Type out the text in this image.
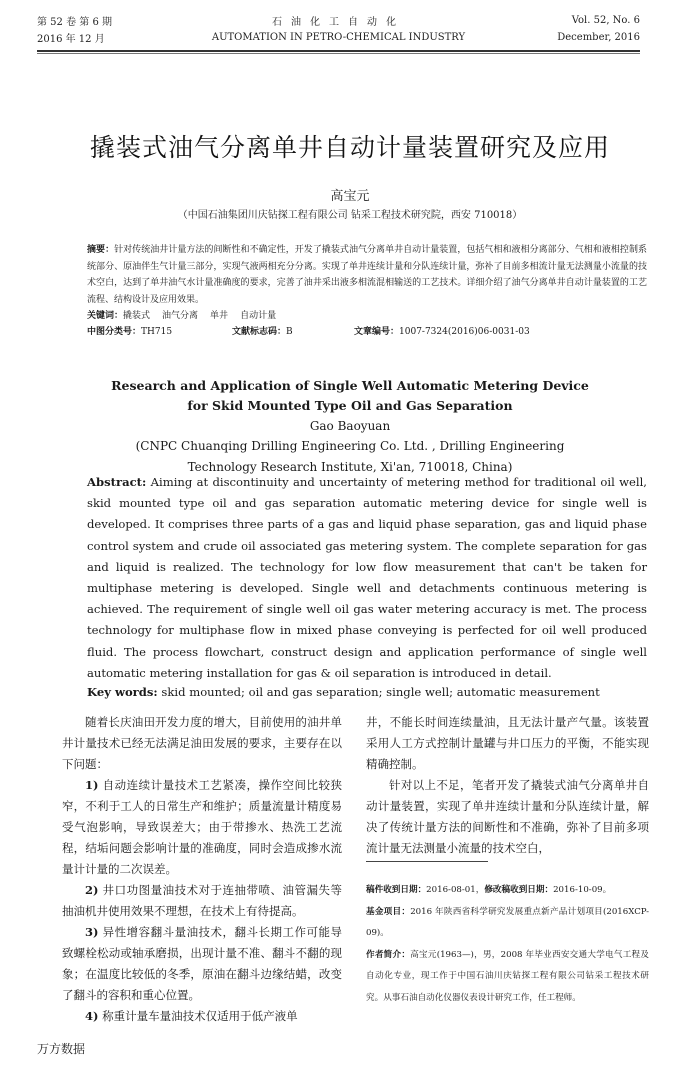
第 52 卷 第 6 期	石油化工自动化	Vol. 52, No. 6
2016 年 12 月	AUTOMATION IN PETRO-CHEMICAL INDUSTRY	December, 2016
撬装式油气分离单井自动计量装置研究及应用
高宝元
（中国石油集团川庆钻探工程有限公司 钻采工程技术研究院，西安 710018）
摘要：针对传统油井计量方法的间断性和不确定性，开发了撬装式油气分离单井自动计量装置，包括气相和液相分离部分、气相和液相控制系统部分、原油伴生气计量三部分，实现气液两相充分分离。实现了单井连续计量和分队连续计量，弥补了目前多相流计量无法测量小流量的技术空白，达到了单井油气水计量准确度的要求，完善了油井采出液多相流混相输送的工艺技术。详细介绍了油气分离单井自动计量装置的工艺流程、结构设计及应用效果。
关键词： 撬装式 油气分离 单井 自动计量
中图分类号：TH715	文献标志码：B	文章编号：1007-7324(2016)06-0031-03
Research and Application of Single Well Automatic Metering Device
for Skid Mounted Type Oil and Gas Separation
Gao Baoyuan
(CNPC Chuanqing Drilling Engineering Co. Ltd. , Drilling Engineering
Technology Research Institute, Xi'an, 710018, China)
Abstract: Aiming at discontinuity and uncertainty of metering method for traditional oil well, skid mounted type oil and gas separation automatic metering device for single well is developed. It comprises three parts of a gas and liquid phase separation, gas and liquid phase control system and crude oil associated gas metering system. The complete separation for gas and liquid is realized. The technology for low flow measurement that can't be taken for multiphase metering is developed. Single well and detachments continuous metering is achieved. The requirement of single well oil gas water metering accuracy is met. The process technology for multiphase flow in mixed phase conveying is perfected for oil well produced fluid. The process flowchart, construct design and application performance of single well automatic metering installation for gas & oil separation is introduced in detail.
Key words: skid mounted; oil and gas separation; single well; automatic measurement

随着长庆油田开发力度的增大，目前使用的油井单井计量技术已经无法满足油田发展的要求，主要存在以下问题：

1) 自动连续计量技术工艺紧凑，操作空间比较狭窄，不利于工人的日常生产和维护；质量流量计精度易受气泡影响，导致误差大；由于带掺水、热洗工艺流程，结垢问题会影响计量的准确度，同时会造成掺水流量计计量的二次误差。

2) 井口功图量油技术对于连抽带喷、油管漏失等抽油机井使用效果不理想，在技术上有待提高。

3) 异性增容翻斗量油技术，翻斗长期工作可能导致螺栓松动或轴承磨损，出现计量不准、翻斗不翻的现象；在温度比较低的冬季，原油在翻斗边缘结蜡，改变了翻斗的容积和重心位置。

4) 称重计量车量油技术仅适用于低产液单

井，不能长时间连续量油，且无法计量产气量。该装置采用人工方式控制计量罐与井口压力的平衡，不能实现精确控制。

针对以上不足，笔者开发了撬装式油气分离单井自动计量装置，实现了单井连续计量和分队连续计量，解决了传统计量方法的间断性和不准确，弥补了目前多项流计量无法测量小流量的技术空白，

稿件收到日期：2016-08-01，修改稿收到日期：2016-10-09。
基金项目：2016 年陕西省科学研究发展重点新产品计划项目(2016XCP-09)。
作者简介：高宝元(1963—)，男，2008 年毕业西安交通大学电气工程及自动化专业，现工作于中国石油川庆钻探工程有限公司钻采工程技术研究。从事石油自动化仪器仪表设计研究工作，任工程师。
万方数据
